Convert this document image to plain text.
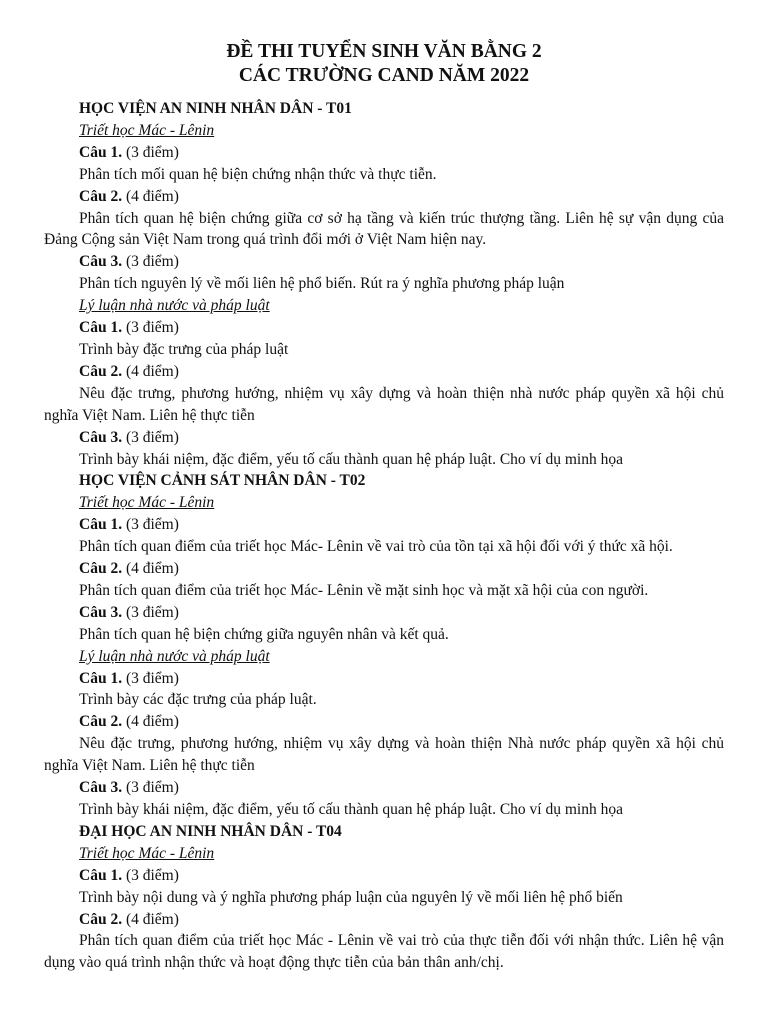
ĐỀ THI TUYỂN SINH VĂN BẰNG 2
CÁC TRƯỜNG CAND NĂM 2022
HỌC VIỆN AN NINH NHÂN DÂN - T01
Triết học Mác - Lênin
Câu 1. (3 điểm)
Phân tích mối quan hệ biện chứng nhận thức và thực tiễn.
Câu 2. (4 điểm)
Phân tích quan hệ biện chứng giữa cơ sở hạ tầng và kiến trúc thượng tầng. Liên hệ sự vận dụng của Đảng Cộng sản Việt Nam trong quá trình đổi mới ở Việt Nam hiện nay.
Câu 3. (3 điểm)
Phân tích nguyên lý về mối liên hệ phổ biến. Rút ra ý nghĩa phương pháp luận
Lý luận nhà nước và pháp luật
Câu 1. (3 điểm)
Trình bày đặc trưng của pháp luật
Câu 2. (4 điểm)
Nêu đặc trưng, phương hướng, nhiệm vụ xây dựng và hoàn thiện nhà nước pháp quyền xã hội chủ nghĩa Việt Nam. Liên hệ thực tiễn
Câu 3. (3 điểm)
Trình bày khái niệm, đặc điểm, yếu tố cấu thành quan hệ pháp luật. Cho ví dụ minh họa
HỌC VIỆN CẢNH SÁT NHÂN DÂN - T02
Triết học Mác - Lênin
Câu 1. (3 điểm)
Phân tích quan điểm của triết học Mác- Lênin về vai trò của tồn tại xã hội đối với ý thức xã hội.
Câu 2. (4 điểm)
Phân tích quan điểm của triết học Mác- Lênin về mặt sinh học và mặt xã hội của con người.
Câu 3. (3 điểm)
Phân tích quan hệ biện chứng giữa nguyên nhân và kết quả.
Lý luận nhà nước và pháp luật
Câu 1. (3 điểm)
Trình bày các đặc trưng của pháp luật.
Câu 2. (4 điểm)
Nêu đặc trưng, phương hướng, nhiệm vụ xây dựng và hoàn thiện Nhà nước pháp quyền xã hội chủ nghĩa Việt Nam. Liên hệ thực tiễn
Câu 3. (3 điểm)
Trình bày khái niệm, đặc điểm, yếu tố cấu thành quan hệ pháp luật. Cho ví dụ minh họa
ĐẠI HỌC AN NINH NHÂN DÂN - T04
Triết học Mác - Lênin
Câu 1. (3 điểm)
Trình bày nội dung và ý nghĩa phương pháp luận của nguyên lý về mối liên hệ phổ biến
Câu 2. (4 điểm)
Phân tích quan điểm của triết học Mác - Lênin về vai trò của thực tiễn đối với nhận thức. Liên hệ vận dụng vào quá trình nhận thức và hoạt động thực tiễn của bản thân anh/chị.
